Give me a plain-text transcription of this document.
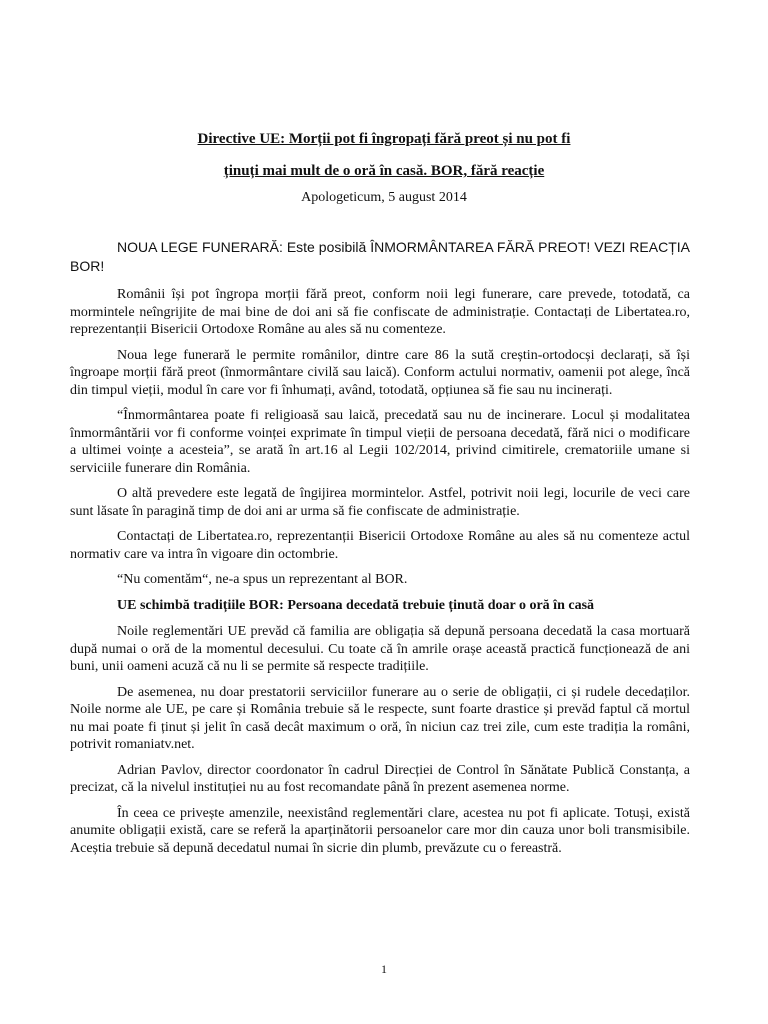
Directive UE: Morții pot fi îngropați fără preot și nu pot fi

ținuți mai mult de o oră în casă. BOR, fără reacție

Apologeticum, 5 august 2014

NOUA LEGE FUNERARĂ: Este posibilă ÎNMORMÂNTAREA FĂRĂ PREOT! VEZI REACȚIA BOR!

Românii își pot îngropa morții fără preot, conform noii legi funerare, care prevede, totodată, ca mormintele neîngrijite de mai bine de doi ani să fie confiscate de administrație. Contactați de Libertatea.ro, reprezentanții Bisericii Ortodoxe Române au ales să nu comenteze.

Noua lege funerară le permite românilor, dintre care 86 la sută creștin-ortodocși declarați, să își îngroape morții fără preot (înmormântare civilă sau laică). Conform actului normativ, oamenii pot alege, încă din timpul vieții, modul în care vor fi înhumați, având, totodată, opțiunea să fie sau nu incinerați.

“Înmormântarea poate fi religioasă sau laică, precedată sau nu de incinerare. Locul și modalitatea înmormântării vor fi conforme voinței exprimate în timpul vieții de persoana decedată, fără nici o modificare a ultimei voințe a acesteia”, se arată în art.16 al Legii 102/2014, privind cimitirele, crematoriile umane si serviciile funerare din România.

O altă prevedere este legată de îngijirea mormintelor. Astfel, potrivit noii legi, locurile de veci care sunt lăsate în paragină timp de doi ani ar urma să fie confiscate de administrație.

Contactați de Libertatea.ro, reprezentanții Bisericii Ortodoxe Române au ales să nu comenteze actul normativ care va intra în vigoare din octombrie.

“Nu comentăm“, ne-a spus un reprezentant al BOR.

UE schimbă tradițiile BOR: Persoana decedată trebuie ținută doar o oră în casă

Noile reglementări UE prevăd că familia are obligația să depună persoana decedată la casa mortuară după numai o oră de la momentul decesului. Cu toate că în amrile orașe această practică funcționează de ani buni, unii oameni acuză că nu li se permite să respecte tradițiile.

De asemenea, nu doar prestatorii serviciilor funerare au o serie de obligații, ci și rudele decedaților. Noile norme ale UE, pe care și România trebuie să le respecte, sunt foarte drastice și prevăd faptul că mortul nu mai poate fi ținut și jelit în casă decât maximum o oră, în niciun caz trei zile, cum este tradiția la români, potrivit romaniatv.net.

Adrian Pavlov, director coordonator în cadrul Direcției de Control în Sănătate Publică Constanța, a precizat, că la nivelul instituției nu au fost recomandate până în prezent asemenea norme.

În ceea ce privește amenzile, neexistând reglementări clare, acestea nu pot fi aplicate. Totuși, există anumite obligații există, care se referă la aparținătorii persoanelor care mor din cauza unor boli transmisibile. Aceștia trebuie să depună decedatul numai în sicrie din plumb, prevăzute cu o fereastră.

1
